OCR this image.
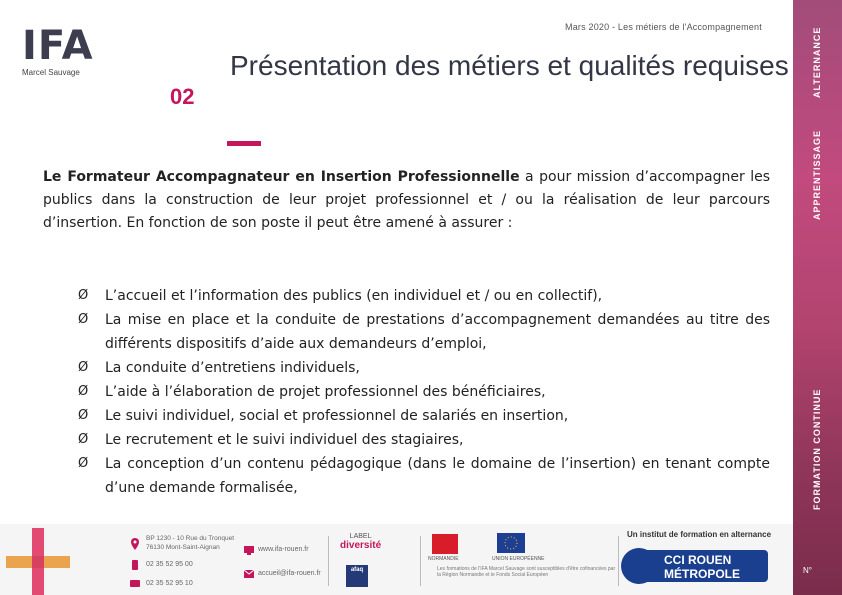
Mars 2020 - Les métiers de l'Accompagnement
IFA
Marcel Sauvage
02
Présentation des métiers et qualités requises
Le Formateur Accompagnateur en Insertion Professionnelle a pour mission d’accompagner les publics dans la construction de leur projet professionnel et / ou la réalisation de leur parcours d’insertion. En fonction de son poste il peut être amené à assurer :
Ø L’accueil et l’information des publics (en individuel et / ou en collectif),
Ø La mise en place et la conduite de prestations d’accompagnement demandées au titre des différents dispositifs d’aide aux demandeurs d’emploi,
Ø La conduite d’entretiens individuels,
Ø L’aide à l’élaboration de projet professionnel des bénéficiaires,
Ø Le suivi individuel, social et professionnel de salariés en insertion,
Ø Le recrutement et le suivi individuel des stagiaires,
Ø La conception d’un contenu pédagogique (dans le domaine de l’insertion) en tenant compte d’une demande formalisée,
ALTERNANCE
APPRENTISSAGE
FORMATION CONTINUE
BP 1230 - 10 Rue du Tronquet
76130 Mont-Saint-Aignan
02 35 52 95 00
02 35 52 95 10
www.ifa-rouen.fr
accueil@ifa-rouen.fr
LABEL
diversité
afaq
NORMANDIE	UNION EUROPÉENNE
Les formations de l'IFA Marcel Sauvage sont susceptibles d'être cofinancées par la Région Normandie et le Fonds Social Européen
Un institut de formation en alternance
CCI ROUEN
MÉTROPOLE	N°
